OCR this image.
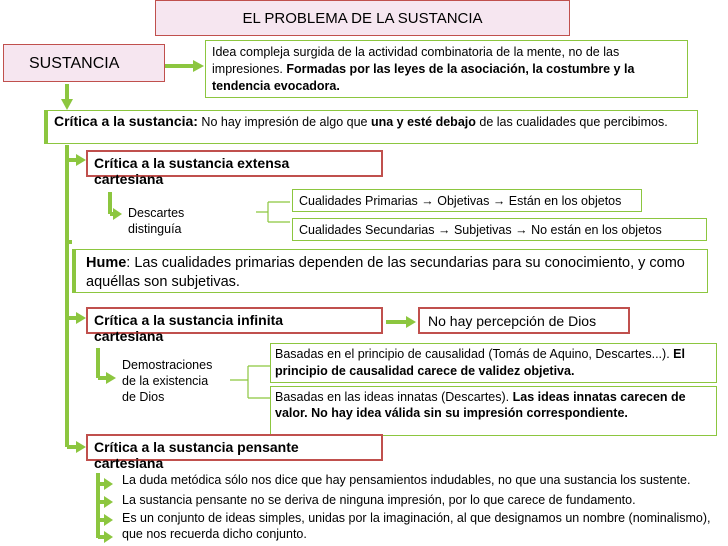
EL PROBLEMA DE LA SUSTANCIA
SUSTANCIA
Idea compleja surgida de la actividad combinatoria de la mente, no de las impresiones. Formadas por las leyes de la asociación, la costumbre y la tendencia evocadora.
Crítica a la sustancia: No hay impresión de algo que una y esté debajo de las cualidades que percibimos.
Crítica a la sustancia extensa cartesiana
Descartes distinguía
Cualidades Primarias → Objetivas → Están en los objetos
Cualidades Secundarias → Subjetivas → No están en los objetos
Hume: Las cualidades primarias dependen de las secundarias para su conocimiento, y como aquéllas son subjetivas.
Crítica a la sustancia infinita cartesiana
No hay percepción de Dios
Demostraciones de la existencia de Dios
Basadas en el principio de causalidad (Tomás de Aquino, Descartes...). El principio de causalidad carece de validez objetiva.
Basadas en las ideas innatas (Descartes). Las ideas innatas carecen de valor. No hay idea válida sin su impresión correspondiente.
Crítica a la sustancia pensante cartesiana
La duda metódica sólo nos dice que hay pensamientos indudables, no que una sustancia los sustente.
La sustancia pensante no se deriva de ninguna impresión, por lo que carece de fundamento.
Es un conjunto de ideas simples, unidas por la imaginación, al que designamos un nombre (nominalismo), que nos recuerda dicho conjunto.
